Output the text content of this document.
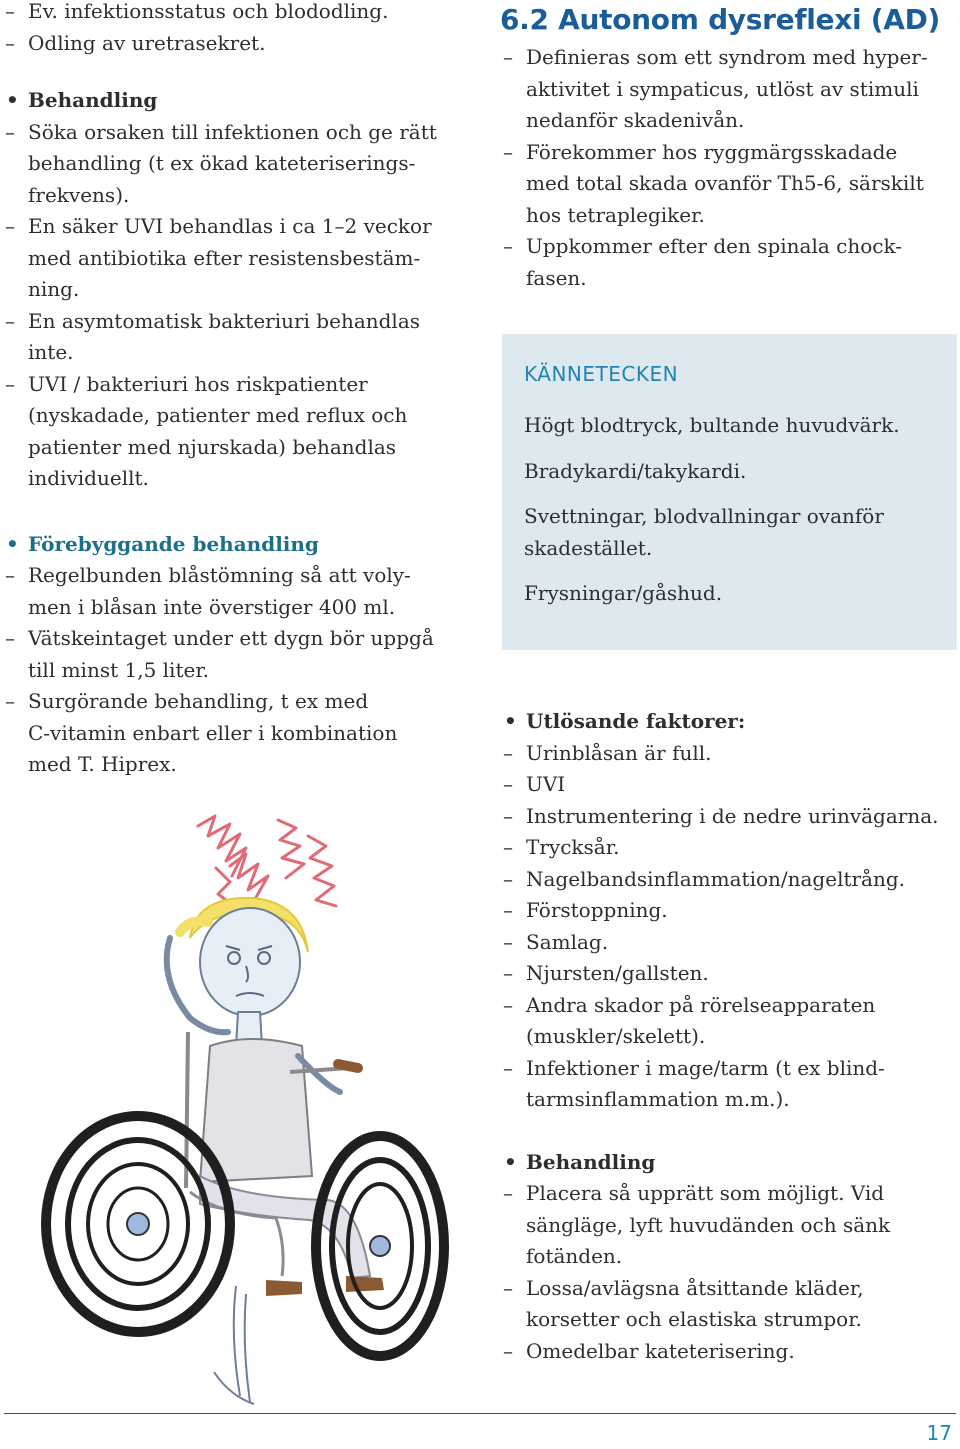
– Ev. infektionsstatus och blododling.
– Odling av uretrasekret.
• Behandling
– Söka orsaken till infektionen och ge rätt
behandling (t ex ökad kateteriserings-
frekvens).
– En säker UVI behandlas i ca 1–2 veckor
med antibiotika efter resistensbestäm-
ning.
– En asymtomatisk bakteriuri behandlas
inte.
– UVI / bakteriuri hos riskpatienter
(nyskadade, patienter med reflux och
patienter med njurskada) behandlas
individuellt.
• Förebyggande behandling
– Regelbunden blåstömning så att voly-
men i blåsan inte överstiger 400 ml.
– Vätskeintaget under ett dygn bör uppgå
till minst 1,5 liter.
– Surgörande behandling, t ex med
C-vitamin enbart eller i kombination
med T. Hiprex.
6.2 Autonom dysreflexi (AD)
– Definieras som ett syndrom med hyper-
aktivitet i sympaticus, utlöst av stimuli
nedanför skadenivån.
– Förekommer hos ryggmärgsskadade
med total skada ovanför Th5-6, särskilt
hos tetraplegiker.
– Uppkommer efter den spinala chock-
fasen.
KÄNNETECKEN

Högt blodtryck, bultande huvudvärk.

Bradykardi/takykardi.

Svettningar, blodvallningar ovanför
skadestället.

Frysningar/gåshud.

• Utlösande faktorer:
– Urinblåsan är full.
– UVI
– Instrumentering i de nedre urinvägarna.
– Trycksår.
– Nagelbandsinflammation/nageltrång.
– Förstoppning.
– Samlag.
– Njursten/gallsten.
– Andra skador på rörelseapparaten
(muskler/skelett).
– Infektioner i mage/tarm (t ex blind-
tarmsinflammation m.m.).
• Behandling
– Placera så upprätt som möjligt. Vid
sängläge, lyft huvudänden och sänk
fotänden.
– Lossa/avlägsna åtsittande kläder,
korsetter och elastiska strumpor.
– Omedelbar kateterisering.
17
